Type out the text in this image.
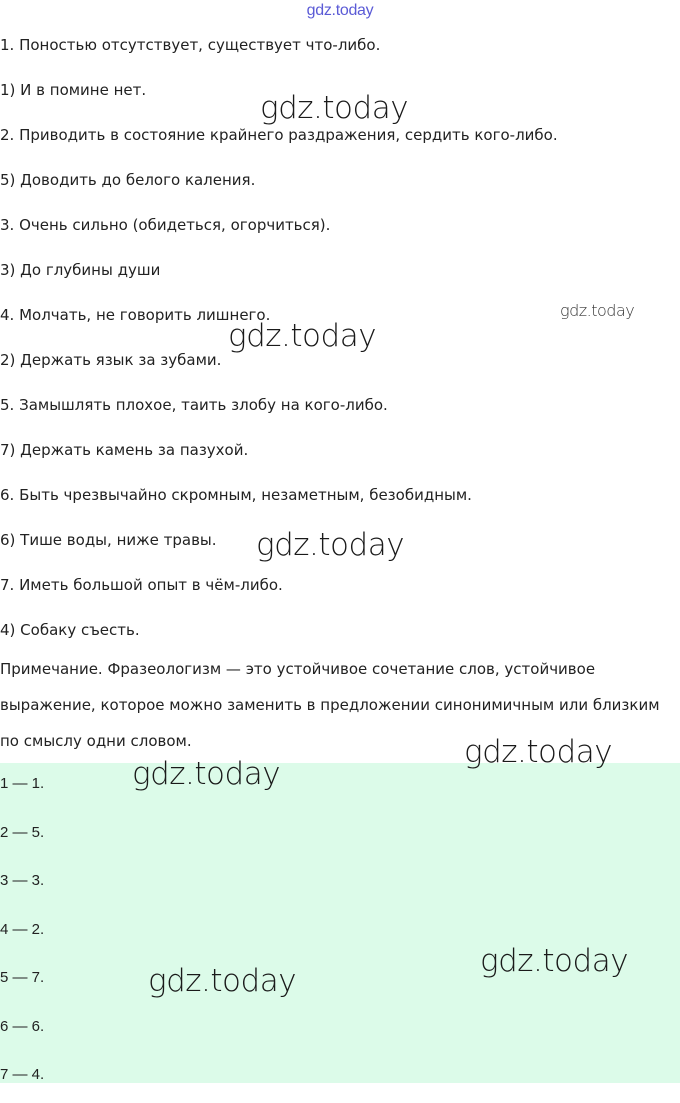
gdz.today
1. Поностью отсутствует, существует что-либо.
1) И в помине нет.
2. Приводить в состояние крайнего раздражения, сердить кого-либо.
5) Доводить до белого каления.
3. Очень сильно (обидеться, огорчиться).
3) До глубины души
4. Молчать, не говорить лишнего.
2) Держать язык за зубами.
5. Замышлять плохое, таить злобу на кого-либо.
7) Держать камень за пазухой.
6. Быть чрезвычайно скромным, незаметным, безобидным.
6) Тише воды, ниже травы.
7. Иметь большой опыт в чём-либо.
4) Собаку съесть.
Примечание. Фразеологизм — это устойчивое сочетание слов, устойчивое выражение, которое можно заменить в предложении синонимичным или близким по смыслу одни словом.
1 — 1.
2 — 5.
3 — 3.
4 — 2.
5 — 7.
6 — 6.
7 — 4.
gdz.today
gdz.today
gdz.today
gdz.today
gdz.today
gdz.today
gdz.today
gdz.today
